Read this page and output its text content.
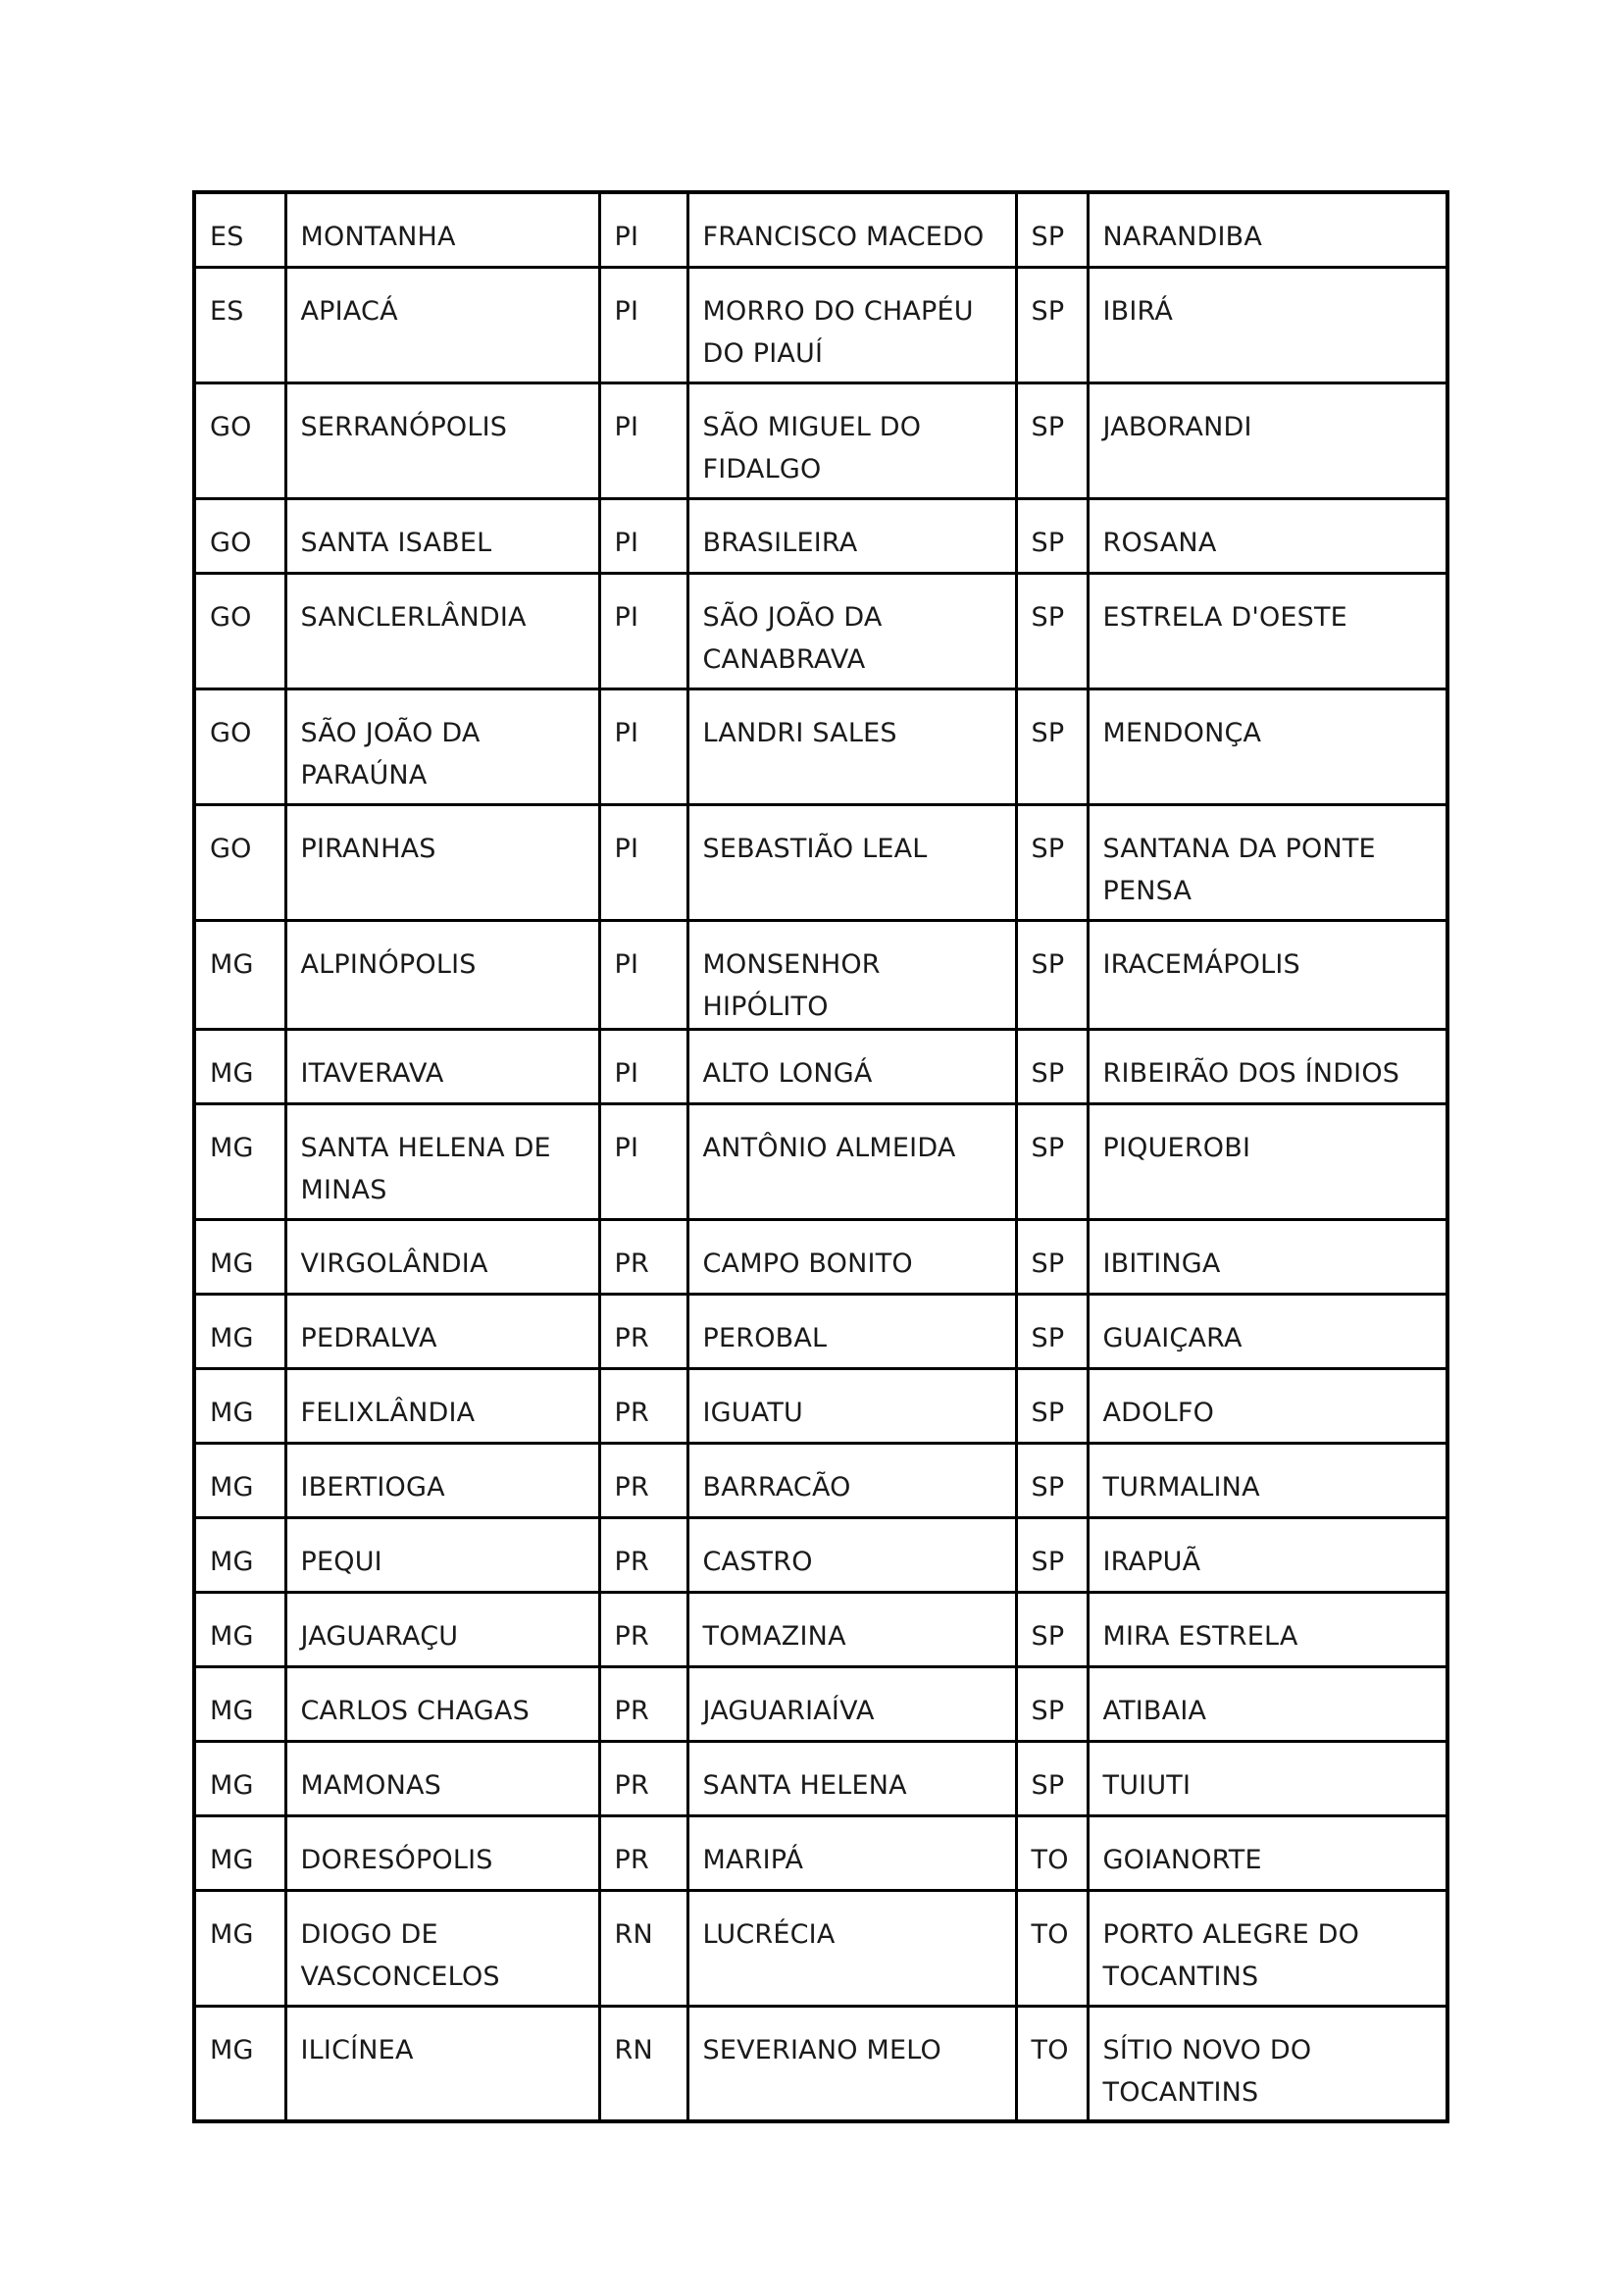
ES	MONTANHA	PI	FRANCISCO MACEDO	SP	NARANDIBA
ES	APIACÁ	PI	MORRO DO CHAPÉU DO PIAUÍ	SP	IBIRÁ
GO	SERRANÓPOLIS	PI	SÃO MIGUEL DO FIDALGO	SP	JABORANDI
GO	SANTA ISABEL	PI	BRASILEIRA	SP	ROSANA
GO	SANCLERLÂNDIA	PI	SÃO JOÃO DA CANABRAVA	SP	ESTRELA D'OESTE
GO	SÃO JOÃO DA PARAÚNA	PI	LANDRI SALES	SP	MENDONÇA
GO	PIRANHAS	PI	SEBASTIÃO LEAL	SP	SANTANA DA PONTE PENSA
MG	ALPINÓPOLIS	PI	MONSENHOR HIPÓLITO	SP	IRACEMÁPOLIS
MG	ITAVERAVA	PI	ALTO LONGÁ	SP	RIBEIRÃO DOS ÍNDIOS
MG	SANTA HELENA DE MINAS	PI	ANTÔNIO ALMEIDA	SP	PIQUEROBI
MG	VIRGOLÂNDIA	PR	CAMPO BONITO	SP	IBITINGA
MG	PEDRALVA	PR	PEROBAL	SP	GUAIÇARA
MG	FELIXLÂNDIA	PR	IGUATU	SP	ADOLFO
MG	IBERTIOGA	PR	BARRACÃO	SP	TURMALINA
MG	PEQUI	PR	CASTRO	SP	IRAPUÃ
MG	JAGUARAÇU	PR	TOMAZINA	SP	MIRA ESTRELA
MG	CARLOS CHAGAS	PR	JAGUARIAÍVA	SP	ATIBAIA
MG	MAMONAS	PR	SANTA HELENA	SP	TUIUTI
MG	DORESÓPOLIS	PR	MARIPÁ	TO	GOIANORTE
MG	DIOGO DE VASCONCELOS	RN	LUCRÉCIA	TO	PORTO ALEGRE DO TOCANTINS
MG	ILICÍNEA	RN	SEVERIANO MELO	TO	SÍTIO NOVO DO TOCANTINS
